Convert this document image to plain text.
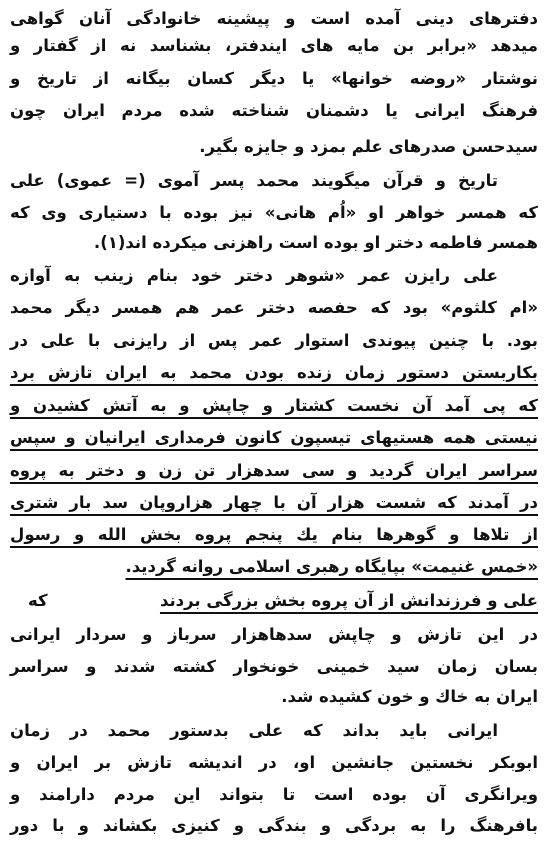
دفترهای دینی آمده است و پیشینه خانوادگی آنان گواهی
میدهد «برابر بن مایه های ایندفتر، بشناسد نه از گفتار و
نوشتار «روضه خوانها» یا دیگر کسان بیگانه از تاریخ و
فرهنگ ایرانی یا دشمنان شناخته شده مردم ایران چون
سیدحسن صدرهای علم بمزد و جایزه بگیر.
تاریخ و قرآن میگویند محمد پسر آموی (= عموی) علی
که همسر خواهر او «اُم هانی» نیز بوده با دستیاری وی که
همسر فاطمه دختر او بوده است راهزنی میکرده اند(۱).
علی رایزن عمر «شوهر دختر خود بنام زینب به آوازه
«ام کلثوم» بود که حفصه دختر عمر هم همسر دیگر محمد
بود. با چنین پیوندی استوار عمر پس از رایزنی با علی در
بکاربستن دستور زمان زنده بودن محمد به ایران تازش برد
که پی آمد آن نخست کشتار و چاپش و به آتش کشیدن و
نیستی همه هستیهای تیسپون کانون فرمداری ایرانیان و سپس
سراسر ایران گردید و سی سدهزار تن زن و دختر به پروه
در آمدند که شست هزار آن با چهار هزاروپان سد بار شتری
از تلاها و گوهرها بنام یك پنجم پروه بخش الله و رسول
«خمس غنیمت» بپایگاه رهبری اسلامی روانه گردید.
علی و فرزندانش از آن پروه بخش بزرگی بردند
که
در این تازش و چاپش سدهاهزار سرباز و سردار ایرانی
بسان زمان سید خمینی خونخوار کشته شدند و سراسر
ایران به خاك و خون کشیده شد.
ایرانی باید بداند که علی بدستور محمد در زمان
ابوبکر نخستین جانشین او، در اندیشه تازش بر ایران و
ویرانگری آن بوده است تا بتواند این مردم دارامند و
بافرهنگ را به بردگی و بندگی و کنیزی بکشاند و با دور
